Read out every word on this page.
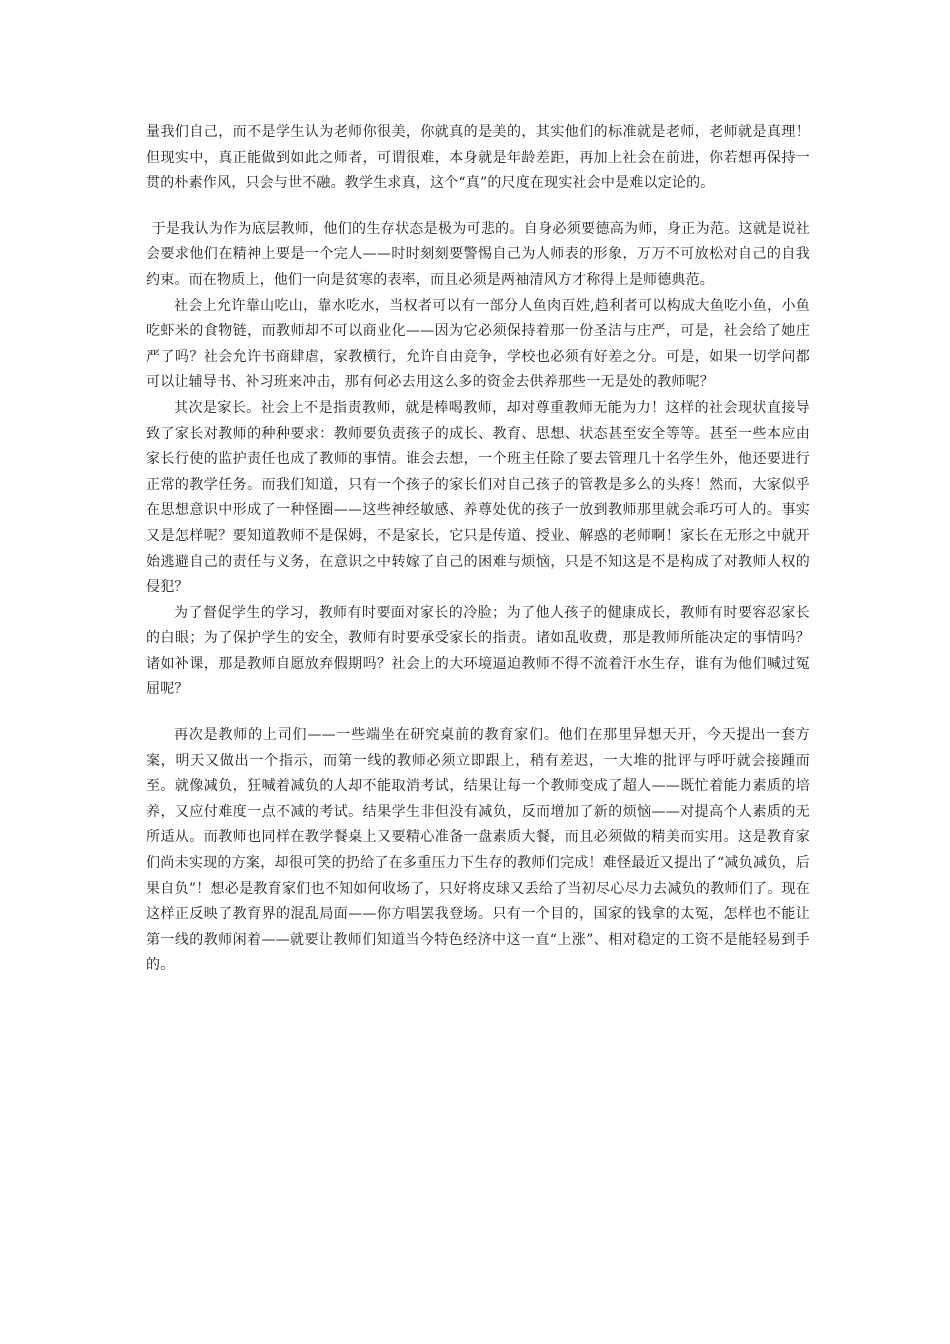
量我们自己，而不是学生认为老师你很美，你就真的是美的，其实他们的标准就是老师，老师就是真理！但现实中，真正能做到如此之师者，可谓很难，本身就是年龄差距，再加上社会在前进，你若想再保持一贯的朴素作风，只会与世不融。教学生求真，这个“真”的尺度在现实社会中是难以定论的。

于是我认为作为底层教师，他们的生存状态是极为可悲的。自身必须要德高为师，身正为范。这就是说社会要求他们在精神上要是一个完人——时时刻刻要警惕自己为人师表的形象，万万不可放松对自己的自我约束。而在物质上，他们一向是贫寒的表率，而且必须是两袖清风方才称得上是师德典范。

社会上允许靠山吃山，靠水吃水，当权者可以有一部分人鱼肉百姓,趋利者可以构成大鱼吃小鱼，小鱼吃虾米的食物链，而教师却不可以商业化——因为它必须保持着那一份圣洁与庄严，可是，社会给了她庄严了吗？社会允许书商肆虐，家教横行，允许自由竞争，学校也必须有好差之分。可是，如果一切学问都可以让辅导书、补习班来冲击，那有何必去用这么多的资金去供养那些一无是处的教师呢？

其次是家长。社会上不是指责教师，就是棒喝教师，却对尊重教师无能为力！这样的社会现状直接导致了家长对教师的种种要求：教师要负责孩子的成长、教育、思想、状态甚至安全等等。甚至一些本应由家长行使的监护责任也成了教师的事情。谁会去想，一个班主任除了要去管理几十名学生外，他还要进行正常的教学任务。而我们知道，只有一个孩子的家长们对自己孩子的管教是多么的头疼！然而，大家似乎在思想意识中形成了一种怪圈——这些神经敏感、养尊处优的孩子一放到教师那里就会乖巧可人的。事实又是怎样呢？要知道教师不是保姆，不是家长，它只是传道、授业、解惑的老师啊！家长在无形之中就开始逃避自己的责任与义务，在意识之中转嫁了自己的困难与烦恼，只是不知这是不是构成了对教师人权的侵犯？

为了督促学生的学习，教师有时要面对家长的冷脸；为了他人孩子的健康成长，教师有时要容忍家长的白眼；为了保护学生的安全，教师有时要承受家长的指责。诸如乱收费，那是教师所能决定的事情吗？诸如补课，那是教师自愿放弃假期吗？社会上的大环境逼迫教师不得不流着汗水生存，谁有为他们喊过冤屈呢？

再次是教师的上司们——一些端坐在研究桌前的教育家们。他们在那里异想天开，今天提出一套方案，明天又做出一个指示，而第一线的教师必须立即跟上，稍有差迟，一大堆的批评与呼吁就会接踵而至。就像减负，狂喊着减负的人却不能取消考试，结果让每一个教师变成了超人——既忙着能力素质的培养，又应付难度一点不减的考试。结果学生非但没有减负，反而增加了新的烦恼——对提高个人素质的无所适从。而教师也同样在教学餐桌上又要精心准备一盘素质大餐，而且必须做的精美而实用。这是教育家们尚未实现的方案，却很可笑的扔给了在多重压力下生存的教师们完成！难怪最近又提出了“减负减负，后果自负”！想必是教育家们也不知如何收场了，只好将皮球又丢给了当初尽心尽力去减负的教师们了。现在这样正反映了教育界的混乱局面——你方唱罢我登场。只有一个目的，国家的钱拿的太冤，怎样也不能让第一线的教师闲着——就要让教师们知道当今特色经济中这一直“上涨”、相对稳定的工资不是能轻易到手的。
